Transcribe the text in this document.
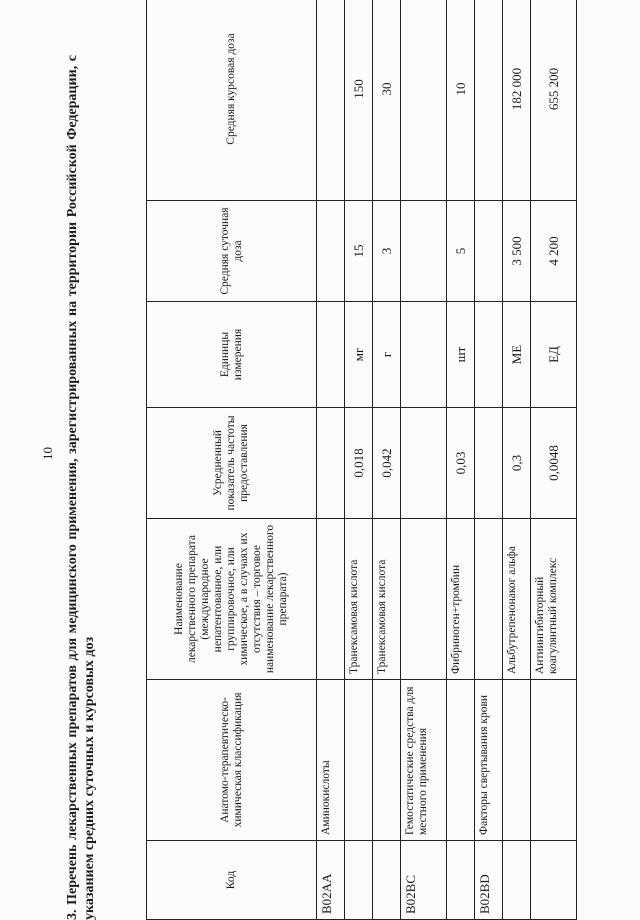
10 3. Перечень лекарственных препаратов для медицинского применения, зарегистрированных на территории Российской Федерации, с указанием средних суточных и курсовых доз	Код	Анатомо-терапевтическо-химическая классификация	Наименование лекарственного препарата (международное непатентованное, или группировочное, или химическое, а в случаях их отсутствия – торговое наименование лекарственного препарата)	Усредненный показатель частоты предоставления	Единицы измерения	Средняя суточная доза	Средняя курсовая доза
B02AA	Аминокислоты					
		Транексамовая кислота	0,018	мг	15	150
		Транексамовая кислота	0,042	г	3	30
B02BC	Гемостатические средства для местного применения					
		Фибриноген+тромбин	0,03	шт	5	10
B02BD	Факторы свертывания крови					
		Альбутрепенонаког альфа	0,3	МЕ	3 500	182 000
		Антиингибиторный коагулянтный комплекс	0,0048	ЕД	4 200	655 200
